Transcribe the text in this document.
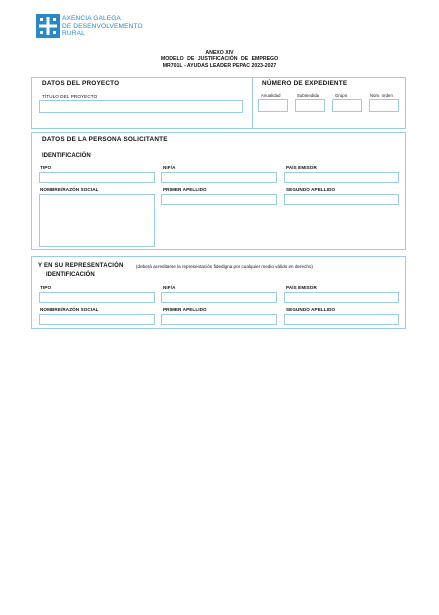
AXENCIA GALEGA
DE DESENVOLVEMENTO
RURAL
ANEXO XIV
MODELO DE JUSTIFICACIÓN DE EMPREGO
MR701L - AYUDAS LEADER PEPAC 2023-2027
DATOS DEL PROYECTO
TÍTULO DEL PROYECTO
NÚMERO DE EXPEDIENTE
Anualidad	Submedida	Grupo	Núm. orden
DATOS DE LA PERSONA SOLICITANTE
IDENTIFICACIÓN
TIPO	NIF/A	PAÍS EMISOR
NOMBRE/RAZÓN SOCIAL	PRIMER APELLIDO	SEGUNDO APELLIDO
Y EN SU REPRESENTACIÓN	(deberá acreditarse la representación fidedigna por cualquier medio válido en derecho)
IDENTIFICACIÓN
TIPO	NIF/A	PAÍS EMISOR
NOMBRE/RAZÓN SOCIAL	PRIMER APELLIDO	SEGUNDO APELLIDO
